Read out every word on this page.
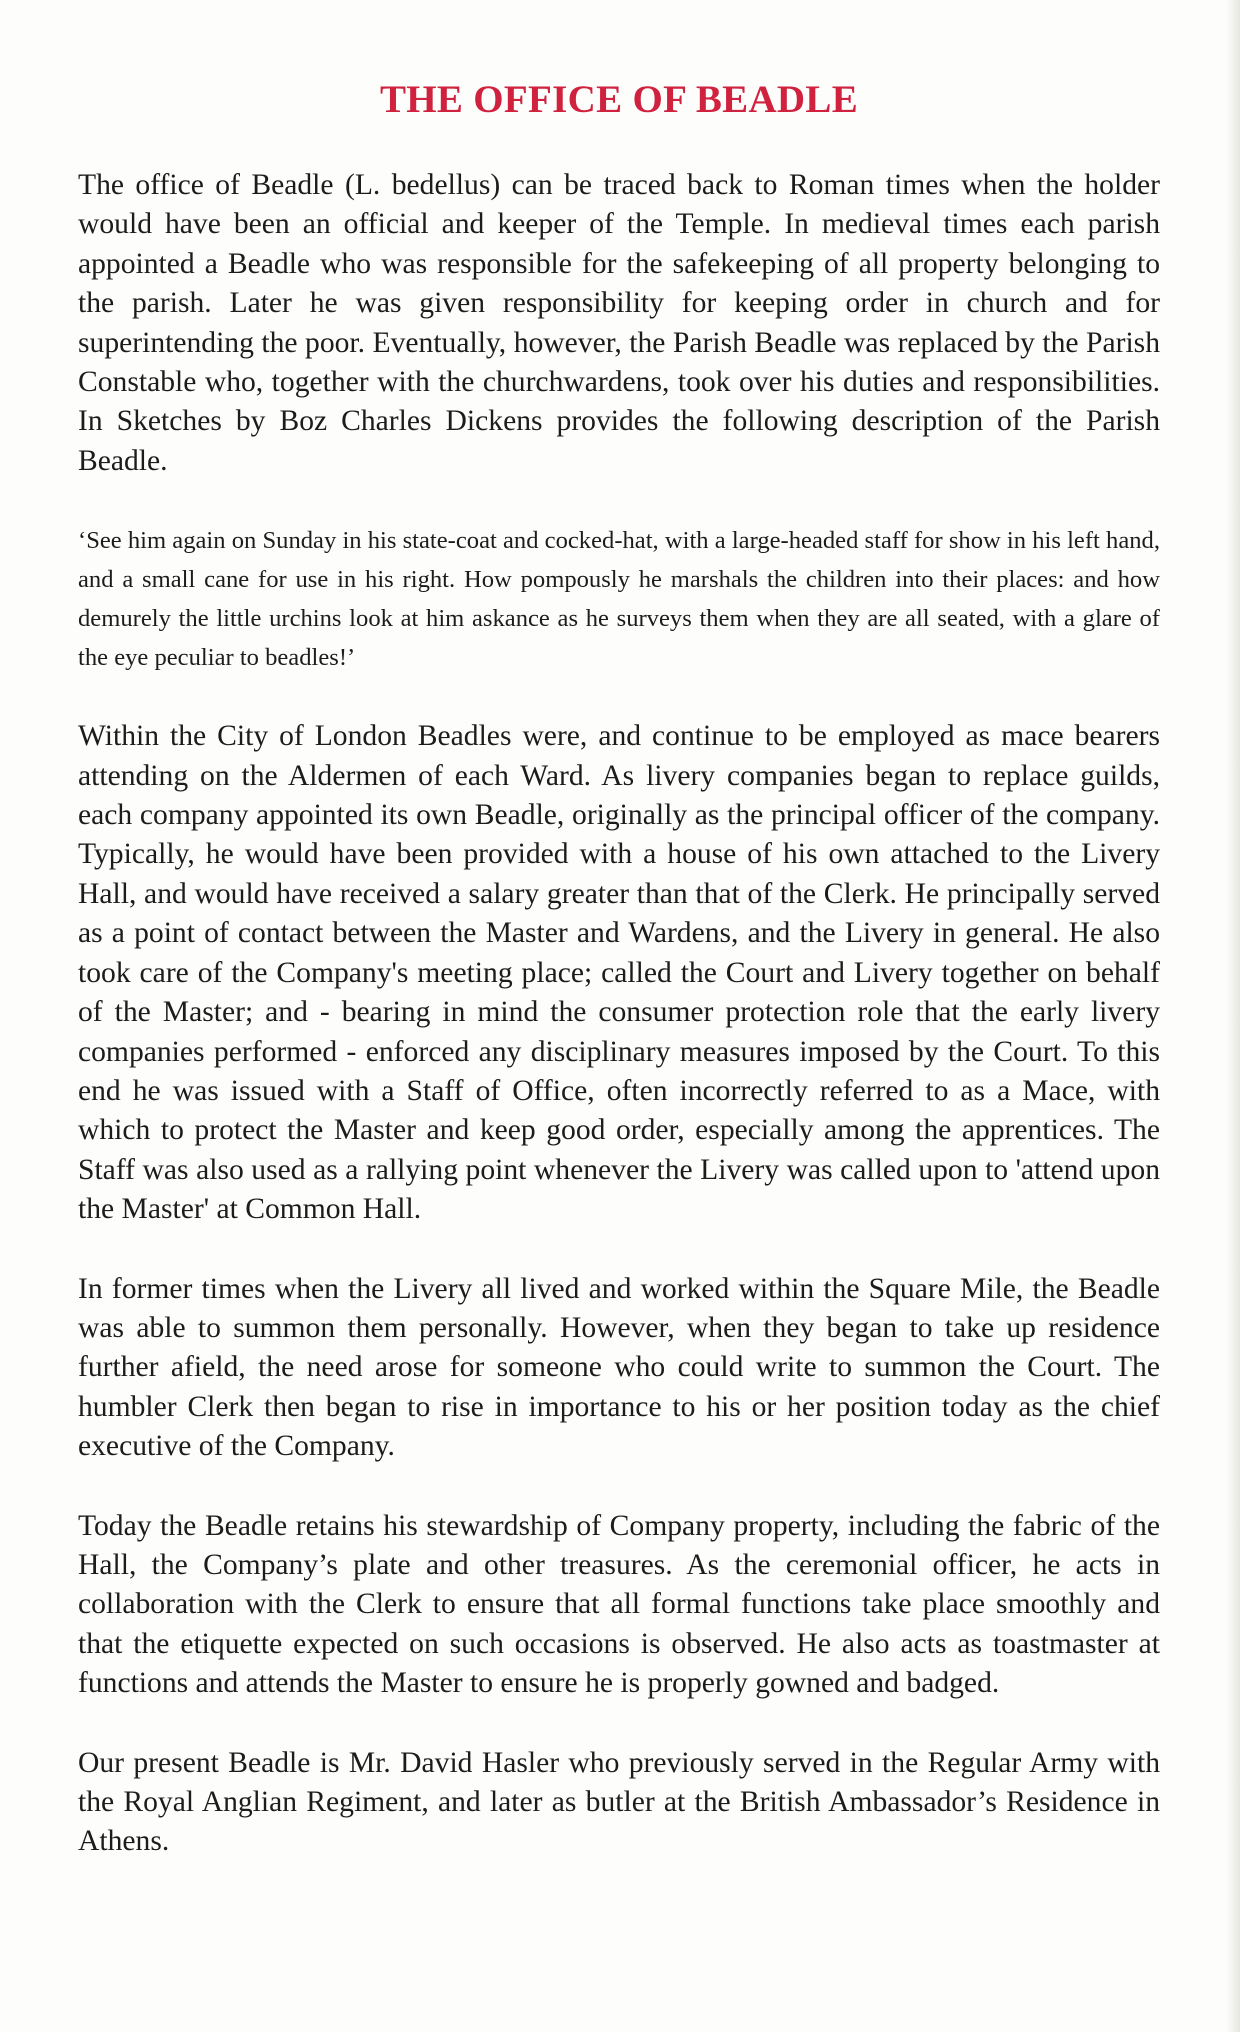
THE OFFICE OF BEADLE

The office of Beadle (L. bedellus) can be traced back to Roman times when the holder would have been an official and keeper of the Temple. In medieval times each parish appointed a Beadle who was responsible for the safekeeping of all property belonging to the parish. Later he was given responsibility for keeping order in church and for superintending the poor. Eventually, however, the Parish Beadle was replaced by the Parish Constable who, together with the churchwardens, took over his duties and responsibilities. In Sketches by Boz Charles Dickens provides the following description of the Parish Beadle.

‘See him again on Sunday in his state-coat and cocked-hat, with a large-headed staff for show in his left hand, and a small cane for use in his right. How pompously he marshals the children into their places: and how demurely the little urchins look at him askance as he surveys them when they are all seated, with a glare of the eye peculiar to beadles!’

Within the City of London Beadles were, and continue to be employed as mace bearers attending on the Aldermen of each Ward. As livery companies began to replace guilds, each company appointed its own Beadle, originally as the principal officer of the company. Typically, he would have been provided with a house of his own attached to the Livery Hall, and would have received a salary greater than that of the Clerk. He principally served as a point of contact between the Master and Wardens, and the Livery in general. He also took care of the Company's meeting place; called the Court and Livery together on behalf of the Master; and - bearing in mind the consumer protection role that the early livery companies performed - enforced any disciplinary measures imposed by the Court. To this end he was issued with a Staff of Office, often incorrectly referred to as a Mace, with which to protect the Master and keep good order, especially among the apprentices. The Staff was also used as a rallying point whenever the Livery was called upon to 'attend upon the Master' at Common Hall.

In former times when the Livery all lived and worked within the Square Mile, the Beadle was able to summon them personally. However, when they began to take up residence further afield, the need arose for someone who could write to summon the Court. The humbler Clerk then began to rise in importance to his or her position today as the chief executive of the Company.

Today the Beadle retains his stewardship of Company property, including the fabric of the Hall, the Company’s plate and other treasures. As the ceremonial officer, he acts in collaboration with the Clerk to ensure that all formal functions take place smoothly and that the etiquette expected on such occasions is observed. He also acts as toastmaster at functions and attends the Master to ensure he is properly gowned and badged.

Our present Beadle is Mr. David Hasler who previously served in the Regular Army with the Royal Anglian Regiment, and later as butler at the British Ambassador’s Residence in Athens.
